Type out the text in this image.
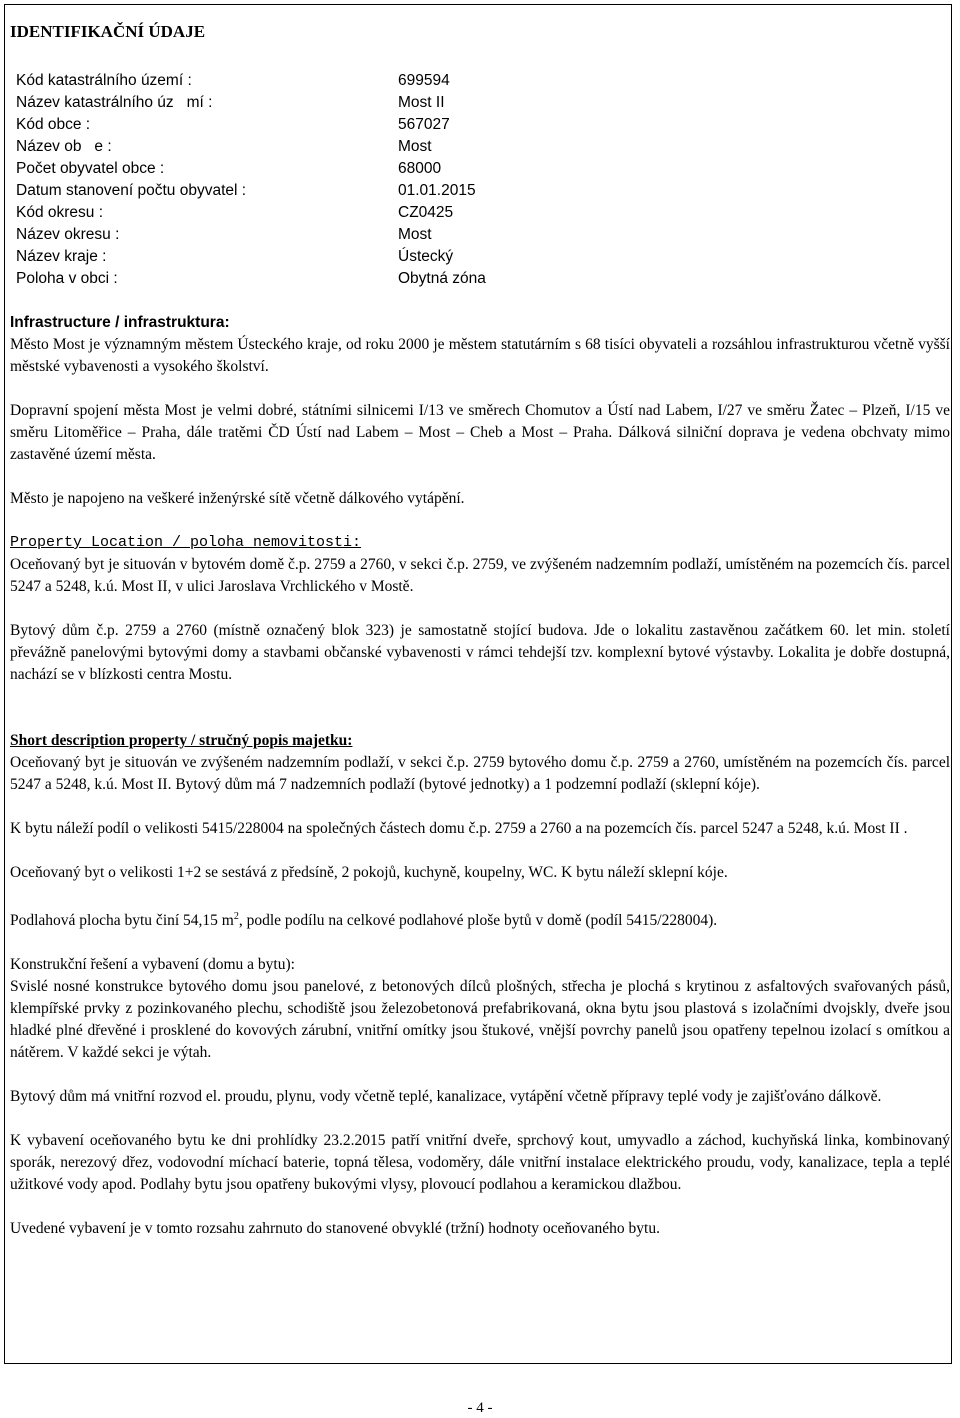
IDENTIFIKAČNÍ ÚDAJE
Kód katastrálního území :	699594
Název katastrálního úz   mí :	Most II
Kód obce :	567027
Název ob   e :	Most
Počet obyvatel obce :	68000
Datum stanovení počtu obyvatel :	01.01.2015
Kód okresu :	CZ0425
Název okresu :	Most
Název kraje :	Ústecký
Poloha v obci :	Obytná zóna
Infrastructure / infrastruktura:

Město Most je významným městem Ústeckého kraje, od roku 2000 je městem statutárním s 68 tisíci obyvateli a rozsáhlou infrastrukturou včetně vyšší městské vybavenosti a vysokého školství.

Dopravní spojení města Most je velmi dobré, státními silnicemi I/13 ve směrech Chomutov a Ústí nad Labem, I/27 ve směru Žatec – Plzeň, I/15 ve směru Litoměřice – Praha, dále tratěmi ČD Ústí nad Labem – Most – Cheb a Most – Praha. Dálková silniční doprava je vedena obchvaty mimo zastavěné území města.

Město je napojeno na veškeré inženýrské sítě včetně dálkového vytápění.

Property Location / poloha nemovitosti:

Oceňovaný byt je situován v bytovém domě č.p. 2759 a 2760, v sekci č.p. 2759, ve zvýšeném nadzemním podlaží, umístěném na pozemcích čís. parcel 5247 a 5248, k.ú. Most II, v ulici Jaroslava Vrchlického v Mostě.

Bytový dům č.p. 2759 a 2760 (místně označený blok 323) je samostatně stojící budova. Jde o lokalitu zastavěnou začátkem 60. let min. století převážně panelovými bytovými domy a stavbami občanské vybavenosti v rámci tehdejší tzv. komplexní bytové výstavby. Lokalita je dobře dostupná, nachází se v blízkosti centra Mostu.

Short description property / stručný popis majetku:

Oceňovaný byt je situován ve zvýšeném nadzemním podlaží, v sekci č.p. 2759 bytového domu č.p. 2759 a 2760, umístěném na pozemcích čís. parcel 5247 a 5248, k.ú. Most II. Bytový dům má 7 nadzemních podlaží (bytové jednotky) a 1 podzemní podlaží (sklepní kóje).

K bytu náleží podíl o velikosti 5415/228004 na společných částech domu č.p. 2759 a 2760 a na pozemcích čís. parcel 5247 a 5248, k.ú. Most II .

Oceňovaný byt o velikosti 1+2 se sestává z předsíně, 2 pokojů, kuchyně, koupelny, WC. K bytu náleží sklepní kóje.

Podlahová plocha bytu činí 54,15 $m^2$, podle podílu na celkové podlahové ploše bytů v domě (podíl 5415/228004).

Konstrukční řešení a vybavení (domu a bytu):

Svislé nosné konstrukce bytového domu jsou panelové, z betonových dílců plošných, střecha je plochá s krytinou z asfaltových svařovaných pásů, klempířské prvky z pozinkovaného plechu, schodiště jsou železobetonová prefabrikovaná, okna bytu jsou plastová s izolačními dvojskly, dveře jsou hladké plné dřevěné i prosklené do kovových zárubní, vnitřní omítky jsou štukové, vnější povrchy panelů jsou opatřeny tepelnou izolací s omítkou a nátěrem. V každé sekci je výtah.

Bytový dům má vnitřní rozvod el. proudu, plynu, vody včetně teplé, kanalizace, vytápění včetně přípravy teplé vody je zajišťováno dálkově.

K vybavení oceňovaného bytu ke dni prohlídky 23.2.2015 patří vnitřní dveře, sprchový kout, umyvadlo a záchod, kuchyňská linka, kombinovaný sporák, nerezový dřez, vodovodní míchací baterie, topná tělesa, vodoměry, dále vnitřní instalace elektrického proudu, vody, kanalizace, tepla a teplé užitkové vody apod. Podlahy bytu jsou opatřeny bukovými vlysy, plovoucí podlahou a keramickou dlažbou.

Uvedené vybavení je v tomto rozsahu zahrnuto do stanovené obvyklé (tržní) hodnoty oceňovaného bytu.

- 4 -
